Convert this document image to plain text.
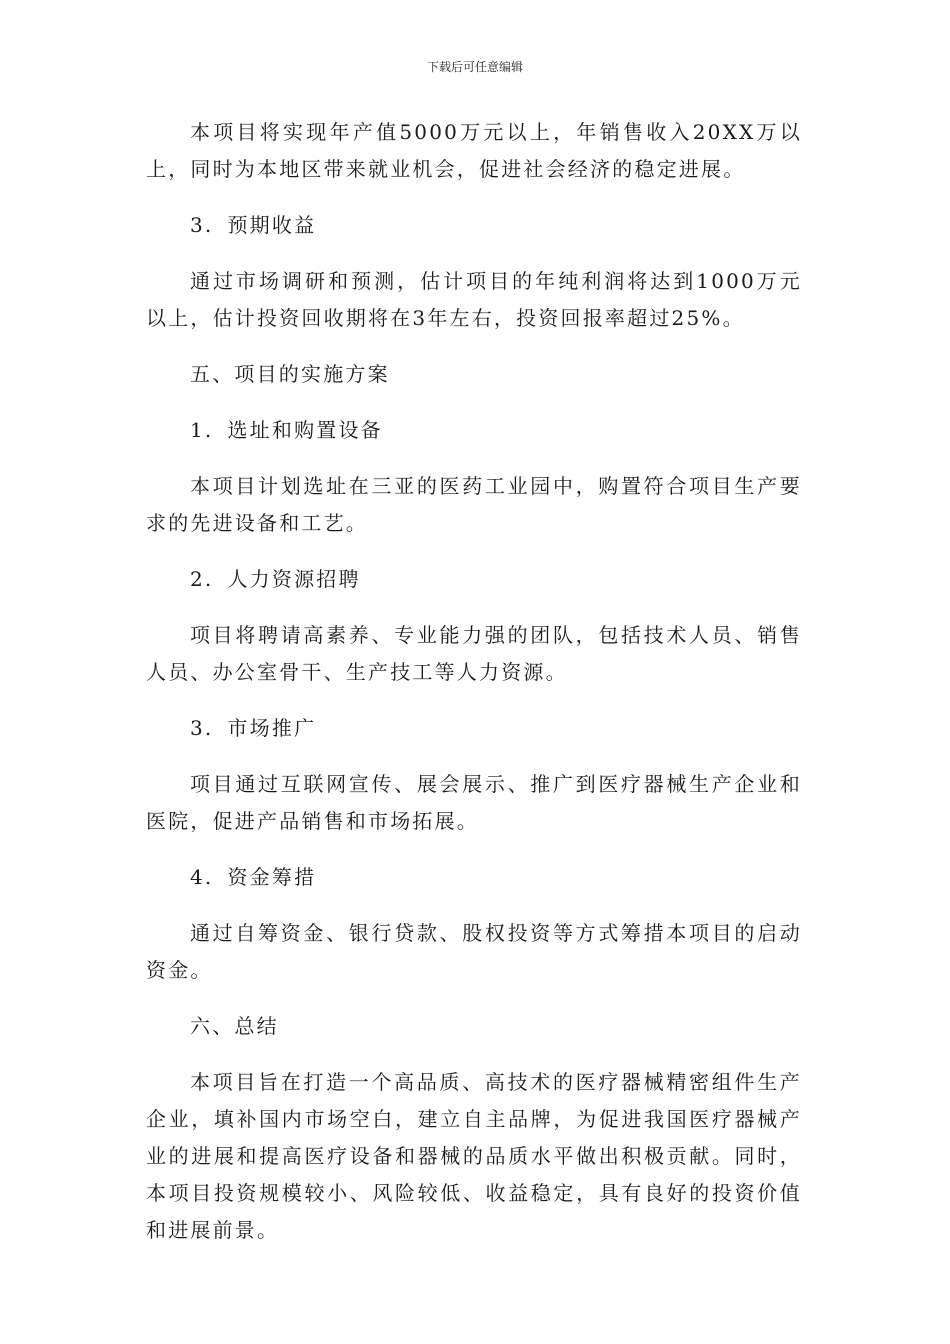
下载后可任意编辑

本项目将实现年产值5000万元以上，年销售收入20XX万以上，同时为本地区带来就业机会，促进社会经济的稳定进展。

3. 预期收益

通过市场调研和预测，估计项目的年纯利润将达到1000万元以上，估计投资回收期将在3年左右，投资回报率超过25%。

五、项目的实施方案
1. 选址和购置设备

本项目计划选址在三亚的医药工业园中，购置符合项目生产要求的先进设备和工艺。

2. 人力资源招聘

项目将聘请高素养、专业能力强的团队，包括技术人员、销售人员、办公室骨干、生产技工等人力资源。

3. 市场推广

项目通过互联网宣传、展会展示、推广到医疗器械生产企业和医院，促进产品销售和市场拓展。

4. 资金筹措

通过自筹资金、银行贷款、股权投资等方式筹措本项目的启动资金。

六、总结

本项目旨在打造一个高品质、高技术的医疗器械精密组件生产企业，填补国内市场空白，建立自主品牌，为促进我国医疗器械产业的进展和提高医疗设备和器械的品质水平做出积极贡献。同时，本项目投资规模较小、风险较低、收益稳定，具有良好的投资价值和进展前景。
